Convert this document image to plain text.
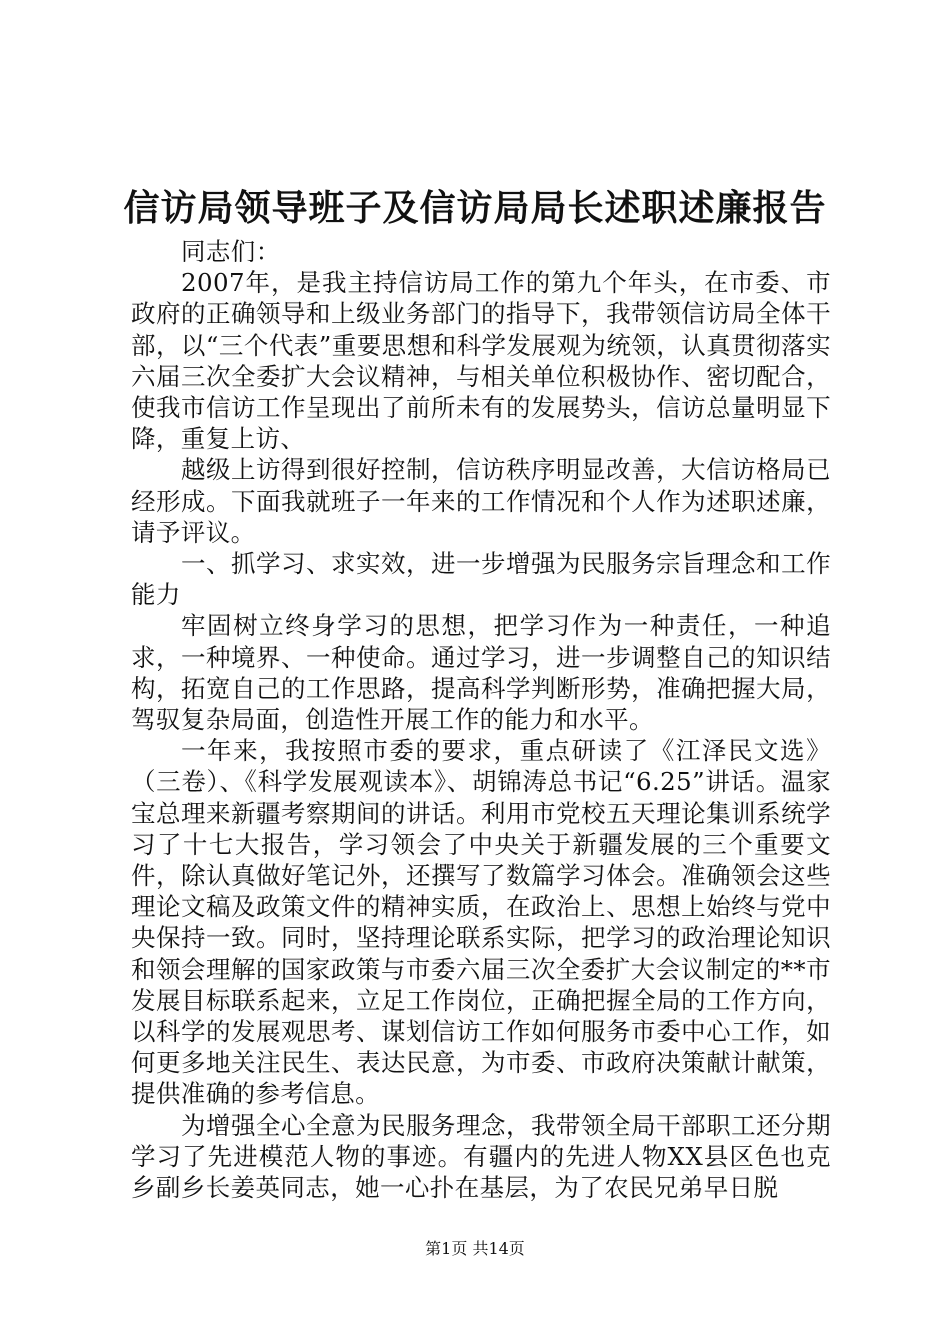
信访局领导班子及信访局局长述职述廉报告

同志们：

2007年，是我主持信访局工作的第九个年头，在市委、市政府的正确领导和上级业务部门的指导下，我带领信访局全体干部，以“三个代表”重要思想和科学发展观为统领，认真贯彻落实六届三次全委扩大会议精神，与相关单位积极协作、密切配合，使我市信访工作呈现出了前所未有的发展势头，信访总量明显下降，重复上访、

越级上访得到很好控制，信访秩序明显改善，大信访格局已经形成。下面我就班子一年来的工作情况和个人作为述职述廉，请予评议。

一、抓学习、求实效，进一步增强为民服务宗旨理念和工作能力

牢固树立终身学习的思想，把学习作为一种责任，一种追求，一种境界、一种使命。通过学习，进一步调整自己的知识结构，拓宽自己的工作思路，提高科学判断形势，准确把握大局，驾驭复杂局面，创造性开展工作的能力和水平。

一年来，我按照市委的要求，重点研读了《江泽民文选》（三卷）、《科学发展观读本》、胡锦涛总书记“6.25”讲话。温家宝总理来新疆考察期间的讲话。利用市党校五天理论集训系统学习了十七大报告，学习领会了中央关于新疆发展的三个重要文件，除认真做好笔记外，还撰写了数篇学习体会。准确领会这些理论文稿及政策文件的精神实质，在政治上、思想上始终与党中央保持一致。同时，坚持理论联系实际，把学习的政治理论知识和领会理解的国家政策与市委六届三次全委扩大会议制定的**市发展目标联系起来，立足工作岗位，正确把握全局的工作方向，以科学的发展观思考、谋划信访工作如何服务市委中心工作，如何更多地关注民生、表达民意，为市委、市政府决策献计献策，提供准确的参考信息。

为增强全心全意为民服务理念，我带领全局干部职工还分期学习了先进模范人物的事迹。有疆内的先进人物XX县区色也克乡副乡长姜英同志，她一心扑在基层，为了农民兄弟早日脱

第1页 共14页
